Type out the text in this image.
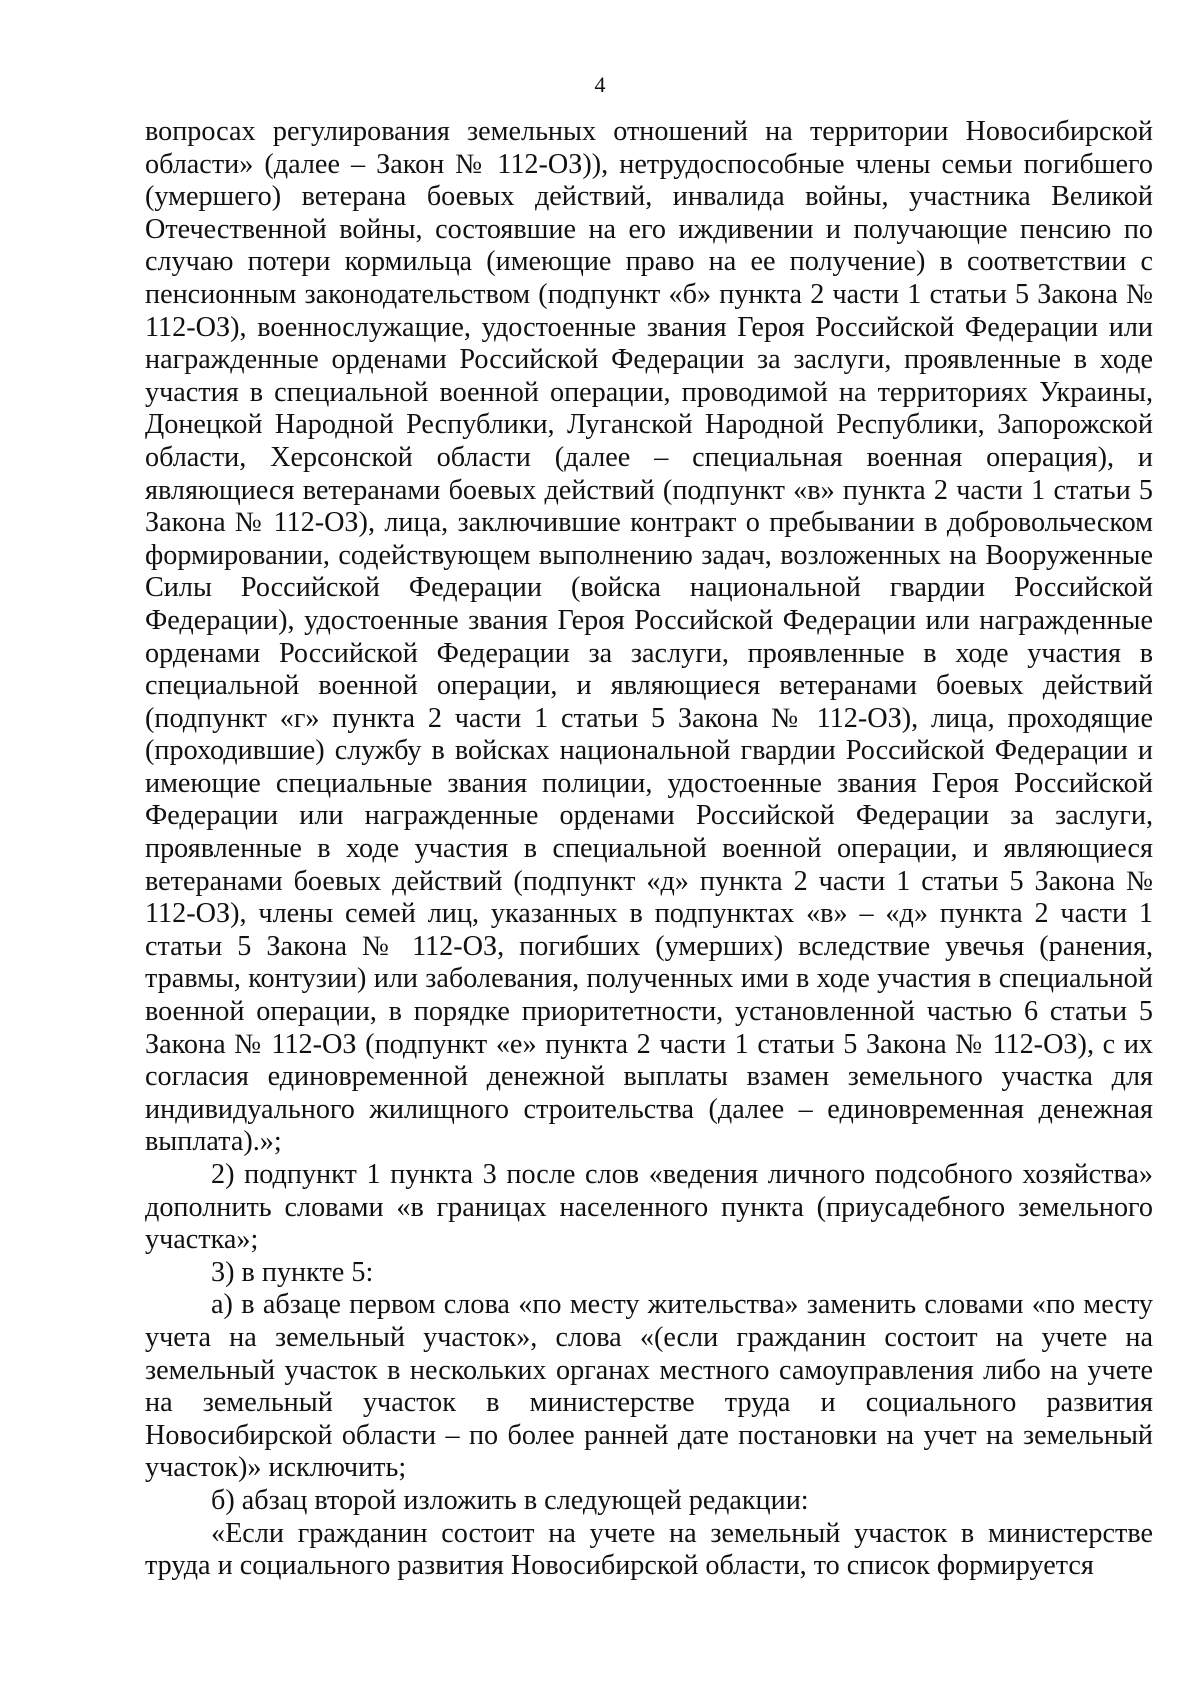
4

вопросах регулирования земельных отношений на территории Новосибирской области» (далее – Закон № 112-ОЗ)), нетрудоспособные члены семьи погибшего (умершего) ветерана боевых действий, инвалида войны, участника Великой Отечественной войны, состоявшие на его иждивении и получающие пенсию по случаю потери кормильца (имеющие право на ее получение) в соответствии с пенсионным законодательством (подпункт «б» пункта 2 части 1 статьи 5 Закона № 112-ОЗ), военнослужащие, удостоенные звания Героя Российской Федерации или награжденные орденами Российской Федерации за заслуги, проявленные в ходе участия в специальной военной операции, проводимой на территориях Украины, Донецкой Народной Республики, Луганской Народной Республики, Запорожской области, Херсонской области (далее – специальная военная операция), и являющиеся ветеранами боевых действий (подпункт «в» пункта 2 части 1 статьи 5 Закона № 112-ОЗ), лица, заключившие контракт о пребывании в добровольческом формировании, содействующем выполнению задач, возложенных на Вооруженные Силы Российской Федерации (войска национальной гвардии Российской Федерации), удостоенные звания Героя Российской Федерации или награжденные орденами Российской Федерации за заслуги, проявленные в ходе участия в специальной военной операции, и являющиеся ветеранами боевых действий (подпункт «г» пункта 2 части 1 статьи 5 Закона № 112-ОЗ), лица, проходящие (проходившие) службу в войсках национальной гвардии Российской Федерации и имеющие специальные звания полиции, удостоенные звания Героя Российской Федерации или награжденные орденами Российской Федерации за заслуги, проявленные в ходе участия в специальной военной операции, и являющиеся ветеранами боевых действий (подпункт «д» пункта 2 части 1 статьи 5 Закона № 112-ОЗ), члены семей лиц, указанных в подпунктах «в» – «д» пункта 2 части 1 статьи 5 Закона № 112-ОЗ, погибших (умерших) вследствие увечья (ранения, травмы, контузии) или заболевания, полученных ими в ходе участия в специальной военной операции, в порядке приоритетности, установленной частью 6 статьи 5 Закона № 112-ОЗ (подпункт «е» пункта 2 части 1 статьи 5 Закона № 112-ОЗ), с их согласия единовременной денежной выплаты взамен земельного участка для индивидуального жилищного строительства (далее – единовременная денежная выплата).»;

2) подпункт 1 пункта 3 после слов «ведения личного подсобного хозяйства» дополнить словами «в границах населенного пункта (приусадебного земельного участка»;

3) в пункте 5:

а) в абзаце первом слова «по месту жительства» заменить словами «по месту учета на земельный участок», слова «(если гражданин состоит на учете на земельный участок в нескольких органах местного самоуправления либо на учете на земельный участок в министерстве труда и социального развития Новосибирской области – по более ранней дате постановки на учет на земельный участок)» исключить;

б) абзац второй изложить в следующей редакции:

«Если гражданин состоит на учете на земельный участок в министерстве труда и социального развития Новосибирской области, то список формируется
